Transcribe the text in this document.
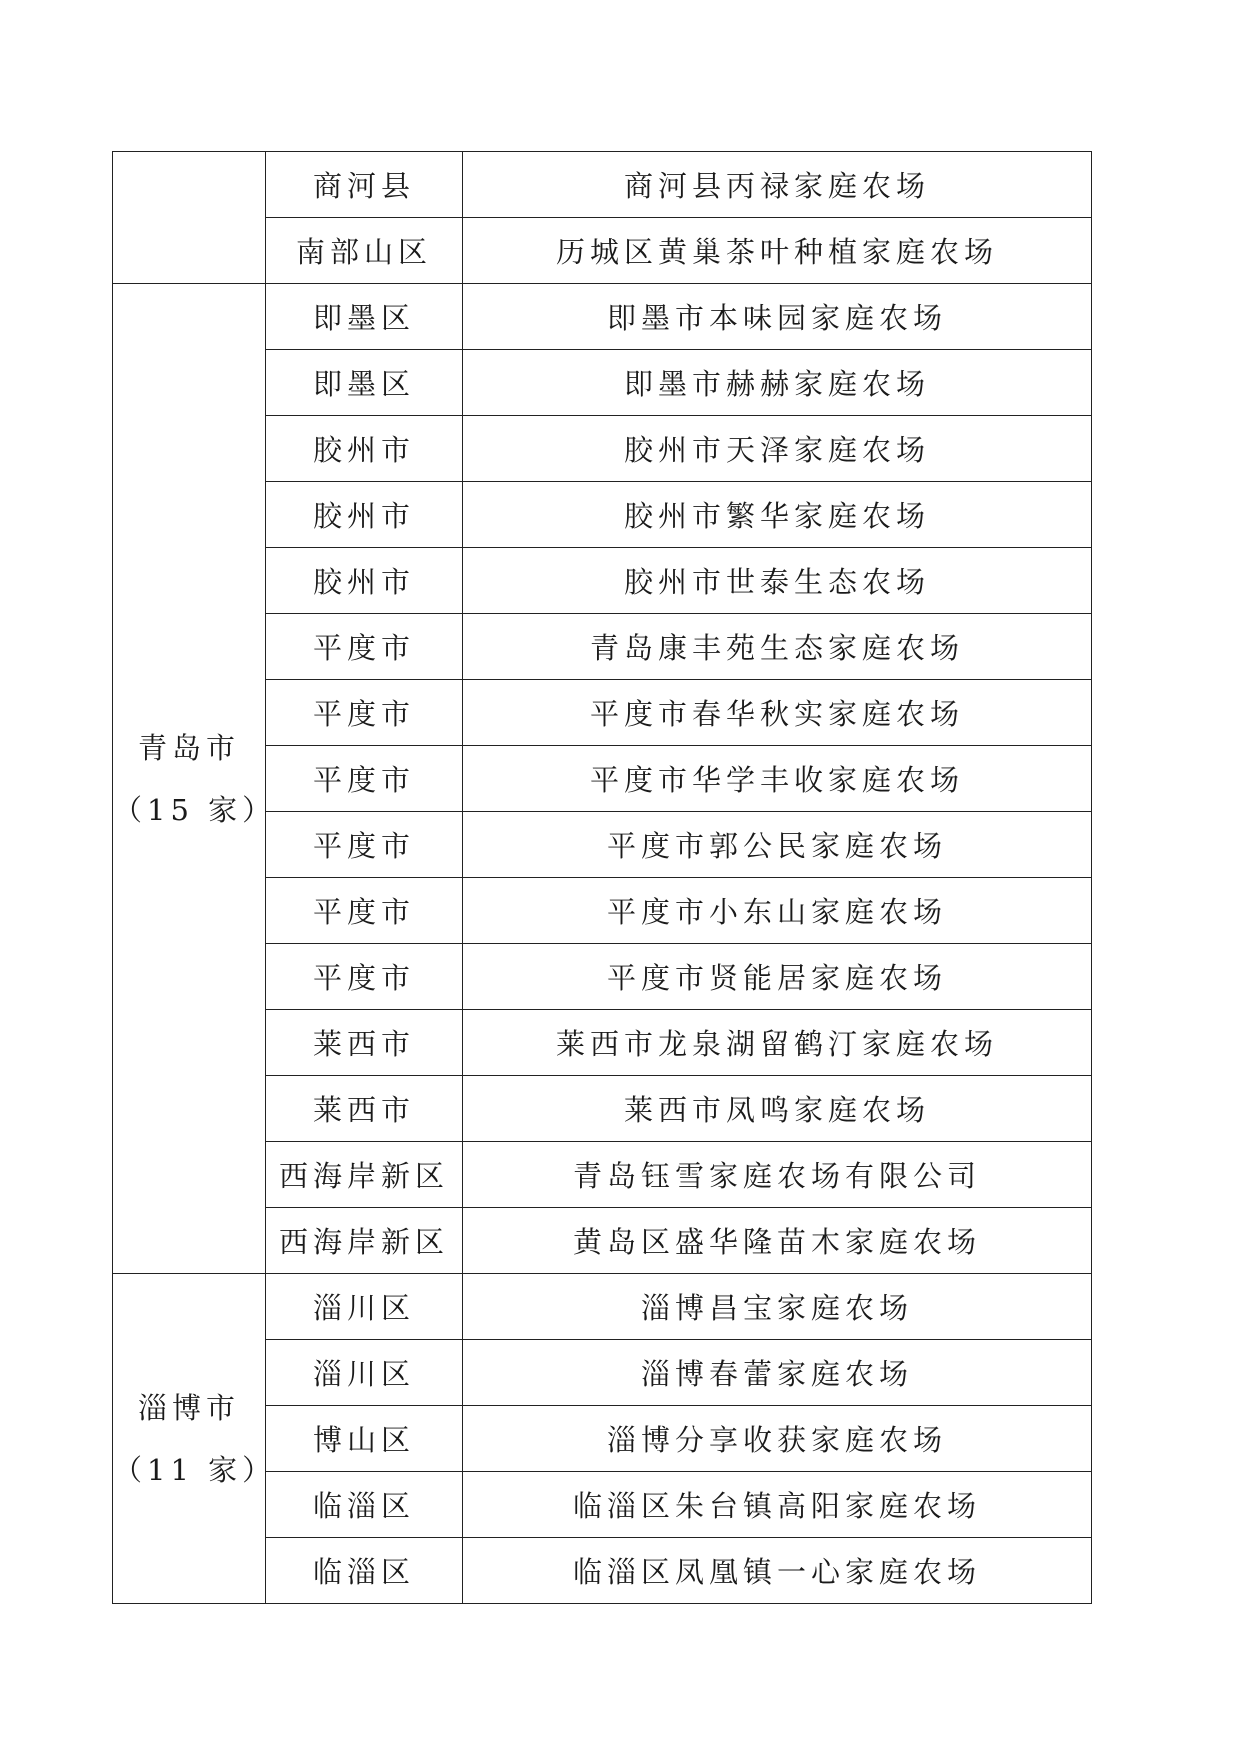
	商河县	商河县丙禄家庭农场
	南部山区	历城区黄巢茶叶种植家庭农场

青岛市
（15 家）	即墨区	即墨市本味园家庭农场
	即墨区	即墨市赫赫家庭农场
	胶州市	胶州市天泽家庭农场
	胶州市	胶州市繁华家庭农场
	胶州市	胶州市世泰生态农场
	平度市	青岛康丰苑生态家庭农场
	平度市	平度市春华秋实家庭农场
	平度市	平度市华学丰收家庭农场
	平度市	平度市郭公民家庭农场
	平度市	平度市小东山家庭农场
	平度市	平度市贤能居家庭农场
	莱西市	莱西市龙泉湖留鹤汀家庭农场
	莱西市	莱西市凤鸣家庭农场
	西海岸新区	青岛钰雪家庭农场有限公司
	西海岸新区	黄岛区盛华隆苗木家庭农场

淄博市
（11 家）	淄川区	淄博昌宝家庭农场
	淄川区	淄博春蕾家庭农场
	博山区	淄博分享收获家庭农场
	临淄区	临淄区朱台镇高阳家庭农场
	临淄区	临淄区凤凰镇一心家庭农场
